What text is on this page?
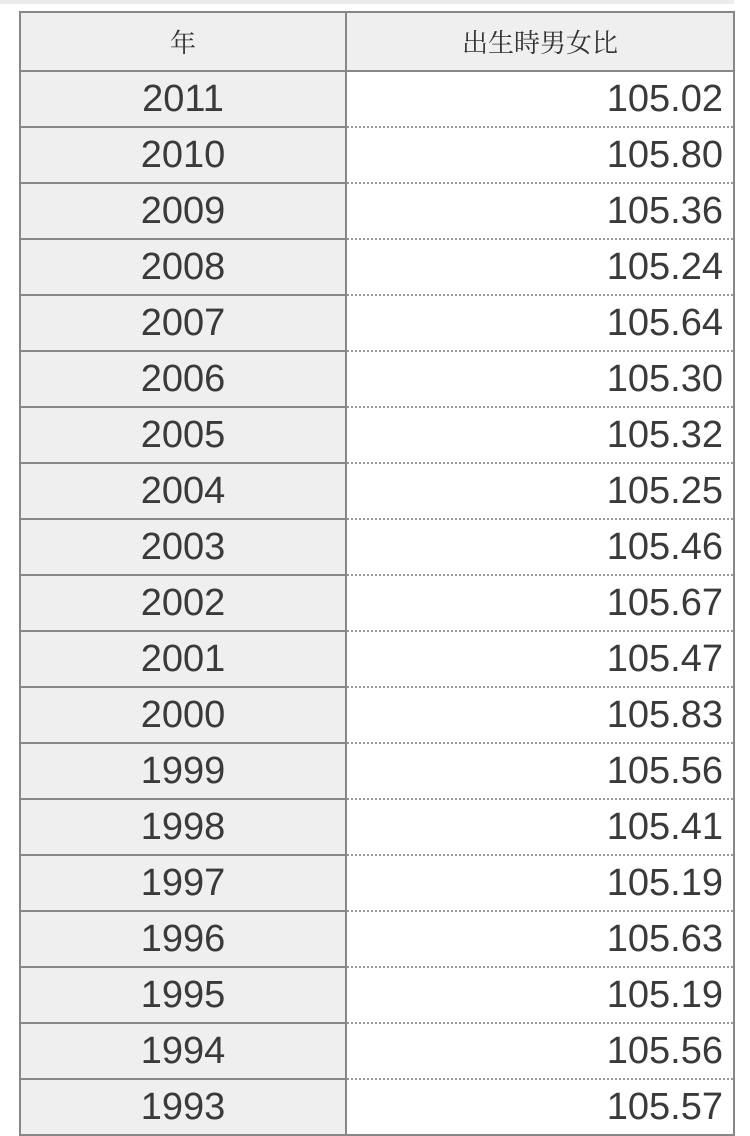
年	出生時男女比
2011	105.02
2010	105.80
2009	105.36
2008	105.24
2007	105.64
2006	105.30
2005	105.32
2004	105.25
2003	105.46
2002	105.67
2001	105.47
2000	105.83
1999	105.56
1998	105.41
1997	105.19
1996	105.63
1995	105.19
1994	105.56
1993	105.57
